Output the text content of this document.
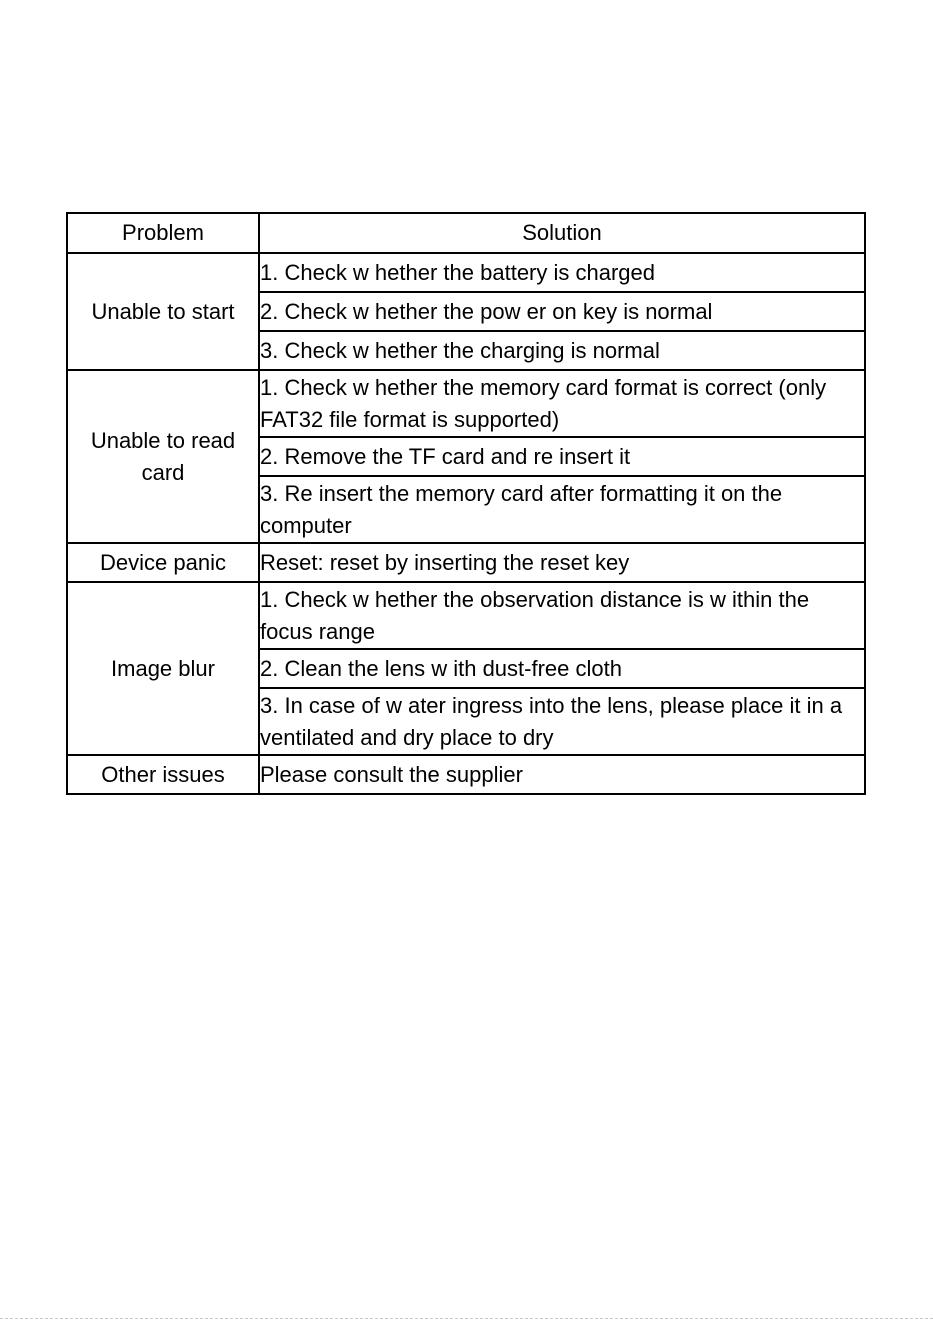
Problem	Solution
Unable to start	1. Check w hether the battery is charged
	2. Check w hether the pow er on key is normal
	3. Check w hether the charging is normal
Unable to read card	1. Check w hether the memory card format is correct (only FAT32 file format is supported)
	2. Remove the TF card and re insert it
	3. Re insert the memory card after formatting it on the computer
Device panic	Reset: reset by inserting the reset key
Image blur	1. Check w hether the observation distance is w ithin the focus range
	2. Clean the lens w ith dust-free cloth
	3. In case of w ater ingress into the lens, please place it in a ventilated and dry place to dry
Other issues	Please consult the supplier
